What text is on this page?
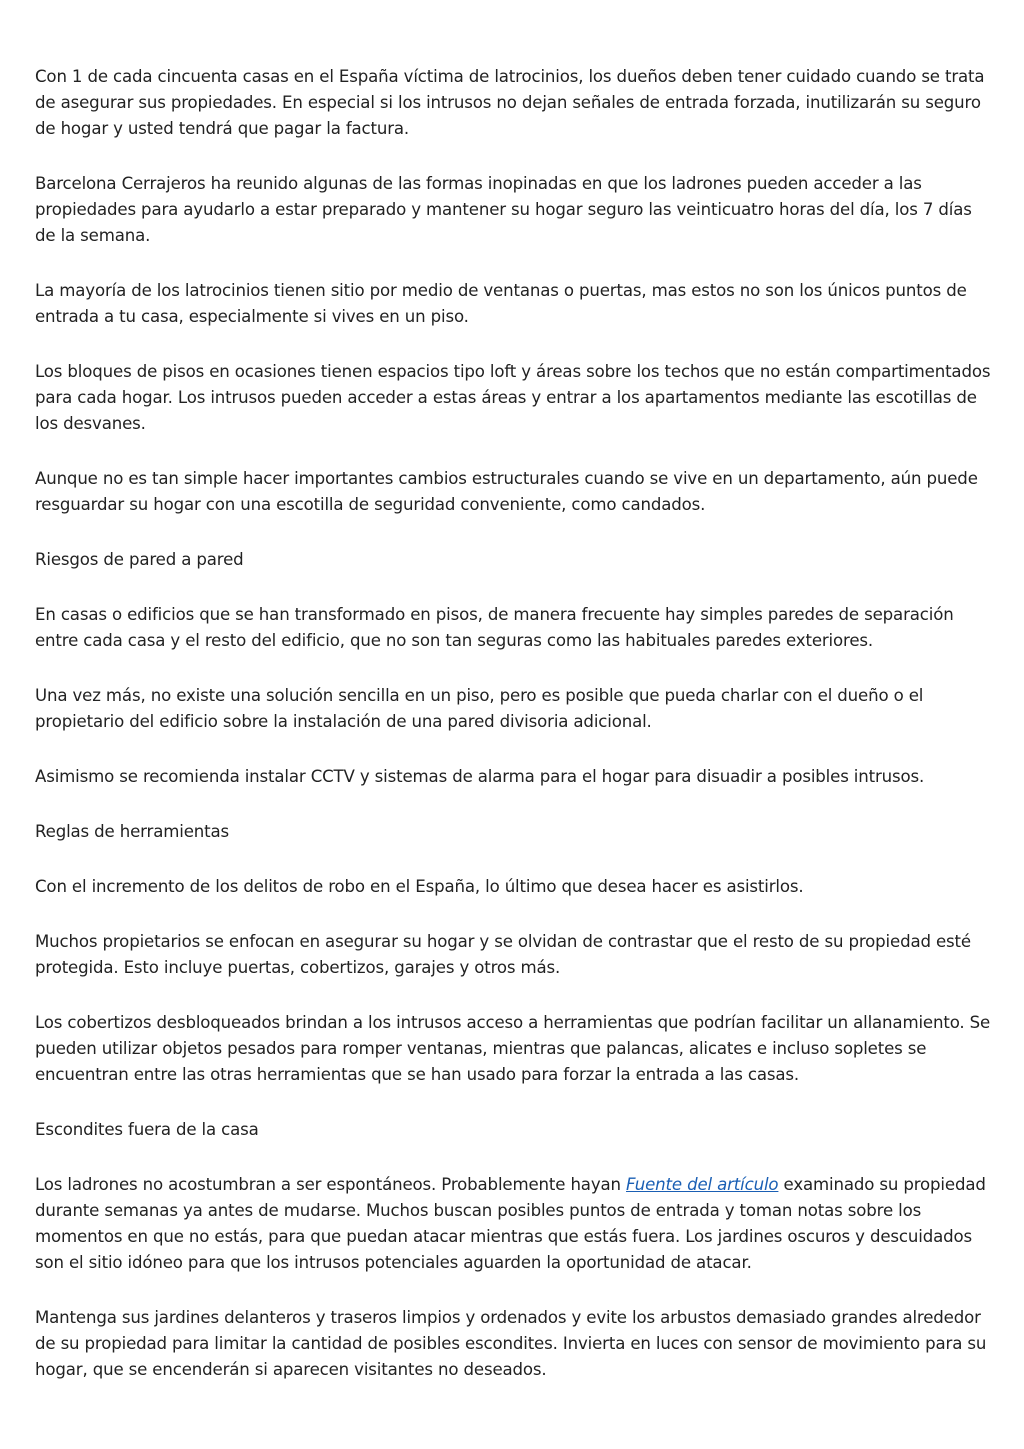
Con 1 de cada cincuenta casas en el España víctima de latrocinios, los dueños deben tener cuidado cuando se trata de asegurar sus propiedades. En especial si los intrusos no dejan señales de entrada forzada, inutilizarán su seguro de hogar y usted tendrá que pagar la factura.

Barcelona Cerrajeros ha reunido algunas de las formas inopinadas en que los ladrones pueden acceder a las propiedades para ayudarlo a estar preparado y mantener su hogar seguro las veinticuatro horas del día, los 7 días de la semana.

La mayoría de los latrocinios tienen sitio por medio de ventanas o puertas, mas estos no son los únicos puntos de entrada a tu casa, especialmente si vives en un piso.

Los bloques de pisos en ocasiones tienen espacios tipo loft y áreas sobre los techos que no están compartimentados para cada hogar. Los intrusos pueden acceder a estas áreas y entrar a los apartamentos mediante las escotillas de los desvanes.

Aunque no es tan simple hacer importantes cambios estructurales cuando se vive en un departamento, aún puede resguardar su hogar con una escotilla de seguridad conveniente, como candados.

Riesgos de pared a pared

En casas o edificios que se han transformado en pisos, de manera frecuente hay simples paredes de separación entre cada casa y el resto del edificio, que no son tan seguras como las habituales paredes exteriores.

Una vez más, no existe una solución sencilla en un piso, pero es posible que pueda charlar con el dueño o el propietario del edificio sobre la instalación de una pared divisoria adicional.

Asimismo se recomienda instalar CCTV y sistemas de alarma para el hogar para disuadir a posibles intrusos.

Reglas de herramientas

Con el incremento de los delitos de robo en el España, lo último que desea hacer es asistirlos.

Muchos propietarios se enfocan en asegurar su hogar y se olvidan de contrastar que el resto de su propiedad esté protegida. Esto incluye puertas, cobertizos, garajes y otros más.

Los cobertizos desbloqueados brindan a los intrusos acceso a herramientas que podrían facilitar un allanamiento. Se pueden utilizar objetos pesados para romper ventanas, mientras que palancas, alicates e incluso sopletes se encuentran entre las otras herramientas que se han usado para forzar la entrada a las casas.

Escondites fuera de la casa

Los ladrones no acostumbran a ser espontáneos. Probablemente hayan Fuente del artículo examinado su propiedad durante semanas ya antes de mudarse. Muchos buscan posibles puntos de entrada y toman notas sobre los momentos en que no estás, para que puedan atacar mientras que estás fuera. Los jardines oscuros y descuidados son el sitio idóneo para que los intrusos potenciales aguarden la oportunidad de atacar.

Mantenga sus jardines delanteros y traseros limpios y ordenados y evite los arbustos demasiado grandes alrededor de su propiedad para limitar la cantidad de posibles escondites. Invierta en luces con sensor de movimiento para su hogar, que se encenderán si aparecen visitantes no deseados.
